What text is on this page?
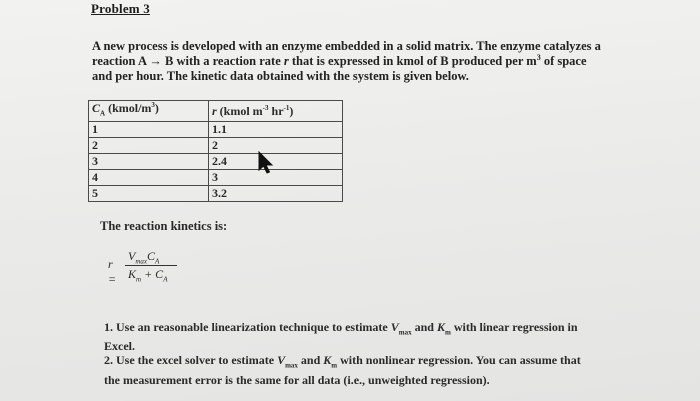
Problem 3
A new process is developed with an enzyme embedded in a solid matrix. The enzyme catalyzes a
reaction A → B with a reaction rate r that is expressed in kmol of B produced per $m^3$ of space
and per hour. The kinetic data obtained with the system is given below.
$C_A$ $(kmol/m^3)$	r (kmol $m^{-3}$ $hr^{-1}$)
1	1.1
2	2
3	2.4
4	3
5	3.2
The reaction kinetics is:
r =
$V_{max}C_A$
$K_m + C_A$
1. Use an reasonable linearization technique to estimate $V_{max}$ and $K_m$ with linear regression in
Excel.
2. Use the excel solver to estimate $V_{max}$ and $K_m$ with nonlinear regression. You can assume that
the measurement error is the same for all data (i.e., unweighted regression).
